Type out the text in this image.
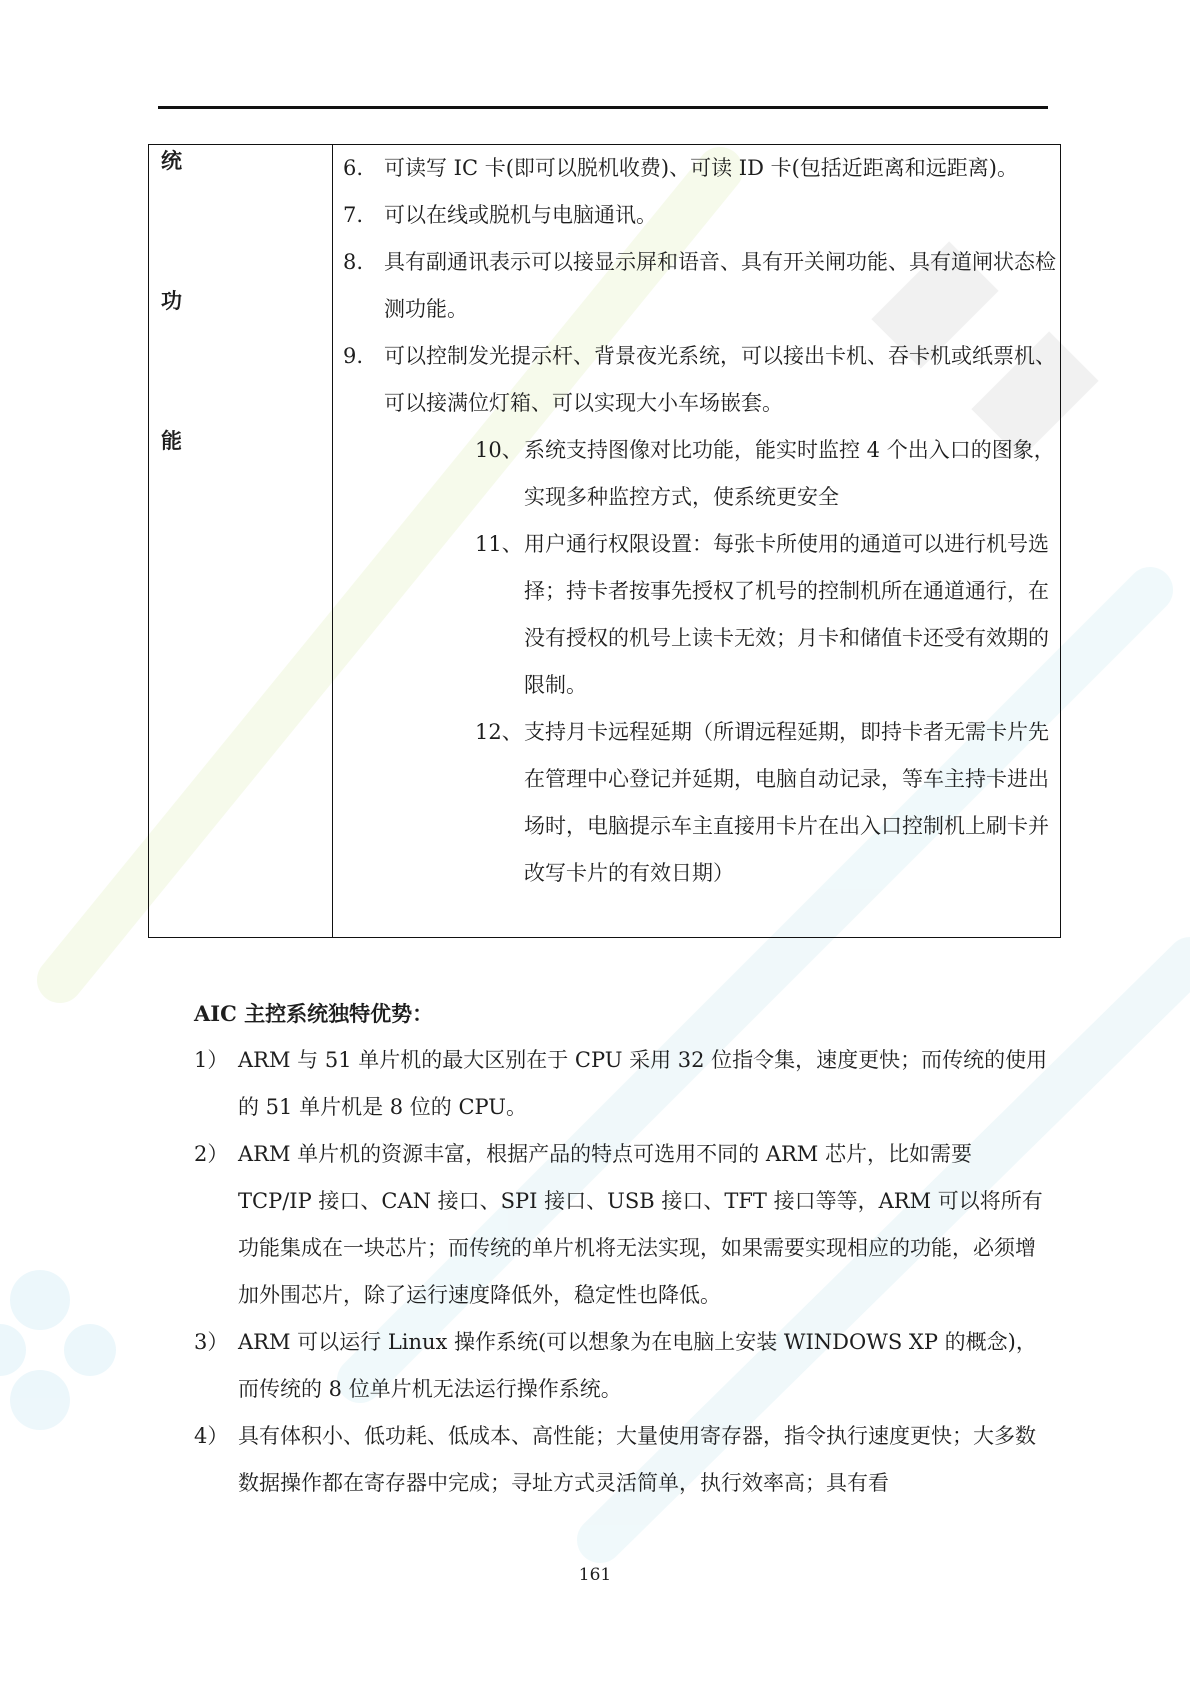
统
功
能

6. 可读写 IC 卡(即可以脱机收费)、可读 ID 卡(包括近距离和远距离)。
7. 可以在线或脱机与电脑通讯。
8. 具有副通讯表示可以接显示屏和语音、具有开关闸功能、具有道闸状态检测功能。
9. 可以控制发光提示杆、背景夜光系统，可以接出卡机、吞卡机或纸票机、可以接满位灯箱、可以实现大小车场嵌套。
10、 系统支持图像对比功能，能实时监控 4 个出入口的图象，实现多种监控方式，使系统更安全
11、 用户通行权限设置：每张卡所使用的通道可以进行机号选择；持卡者按事先授权了机号的控制机所在通道通行，在没有授权的机号上读卡无效；月卡和储值卡还受有效期的限制。
12、 支持月卡远程延期（所谓远程延期，即持卡者无需卡片先在管理中心登记并延期，电脑自动记录，等车主持卡进出场时，电脑提示车主直接用卡片在出入口控制机上刷卡并改写卡片的有效日期）
AIC 主控系统独特优势：
1） ARM 与 51 单片机的最大区别在于 CPU 采用 32 位指令集，速度更快；而传统的使用的 51 单片机是 8 位的 CPU。
2） ARM 单片机的资源丰富，根据产品的特点可选用不同的 ARM 芯片，比如需要 TCP/IP 接口、CAN 接口、SPI 接口、USB 接口、TFT 接口等等，ARM 可以将所有功能集成在一块芯片；而传统的单片机将无法实现，如果需要实现相应的功能，必须增加外围芯片，除了运行速度降低外，稳定性也降低。
3） ARM 可以运行 Linux 操作系统(可以想象为在电脑上安装 WINDOWS XP 的概念)，而传统的 8 位单片机无法运行操作系统。
4） 具有体积小、低功耗、低成本、高性能；大量使用寄存器，指令执行速度更快；大多数数据操作都在寄存器中完成；寻址方式灵活简单，执行效率高；具有看
161
